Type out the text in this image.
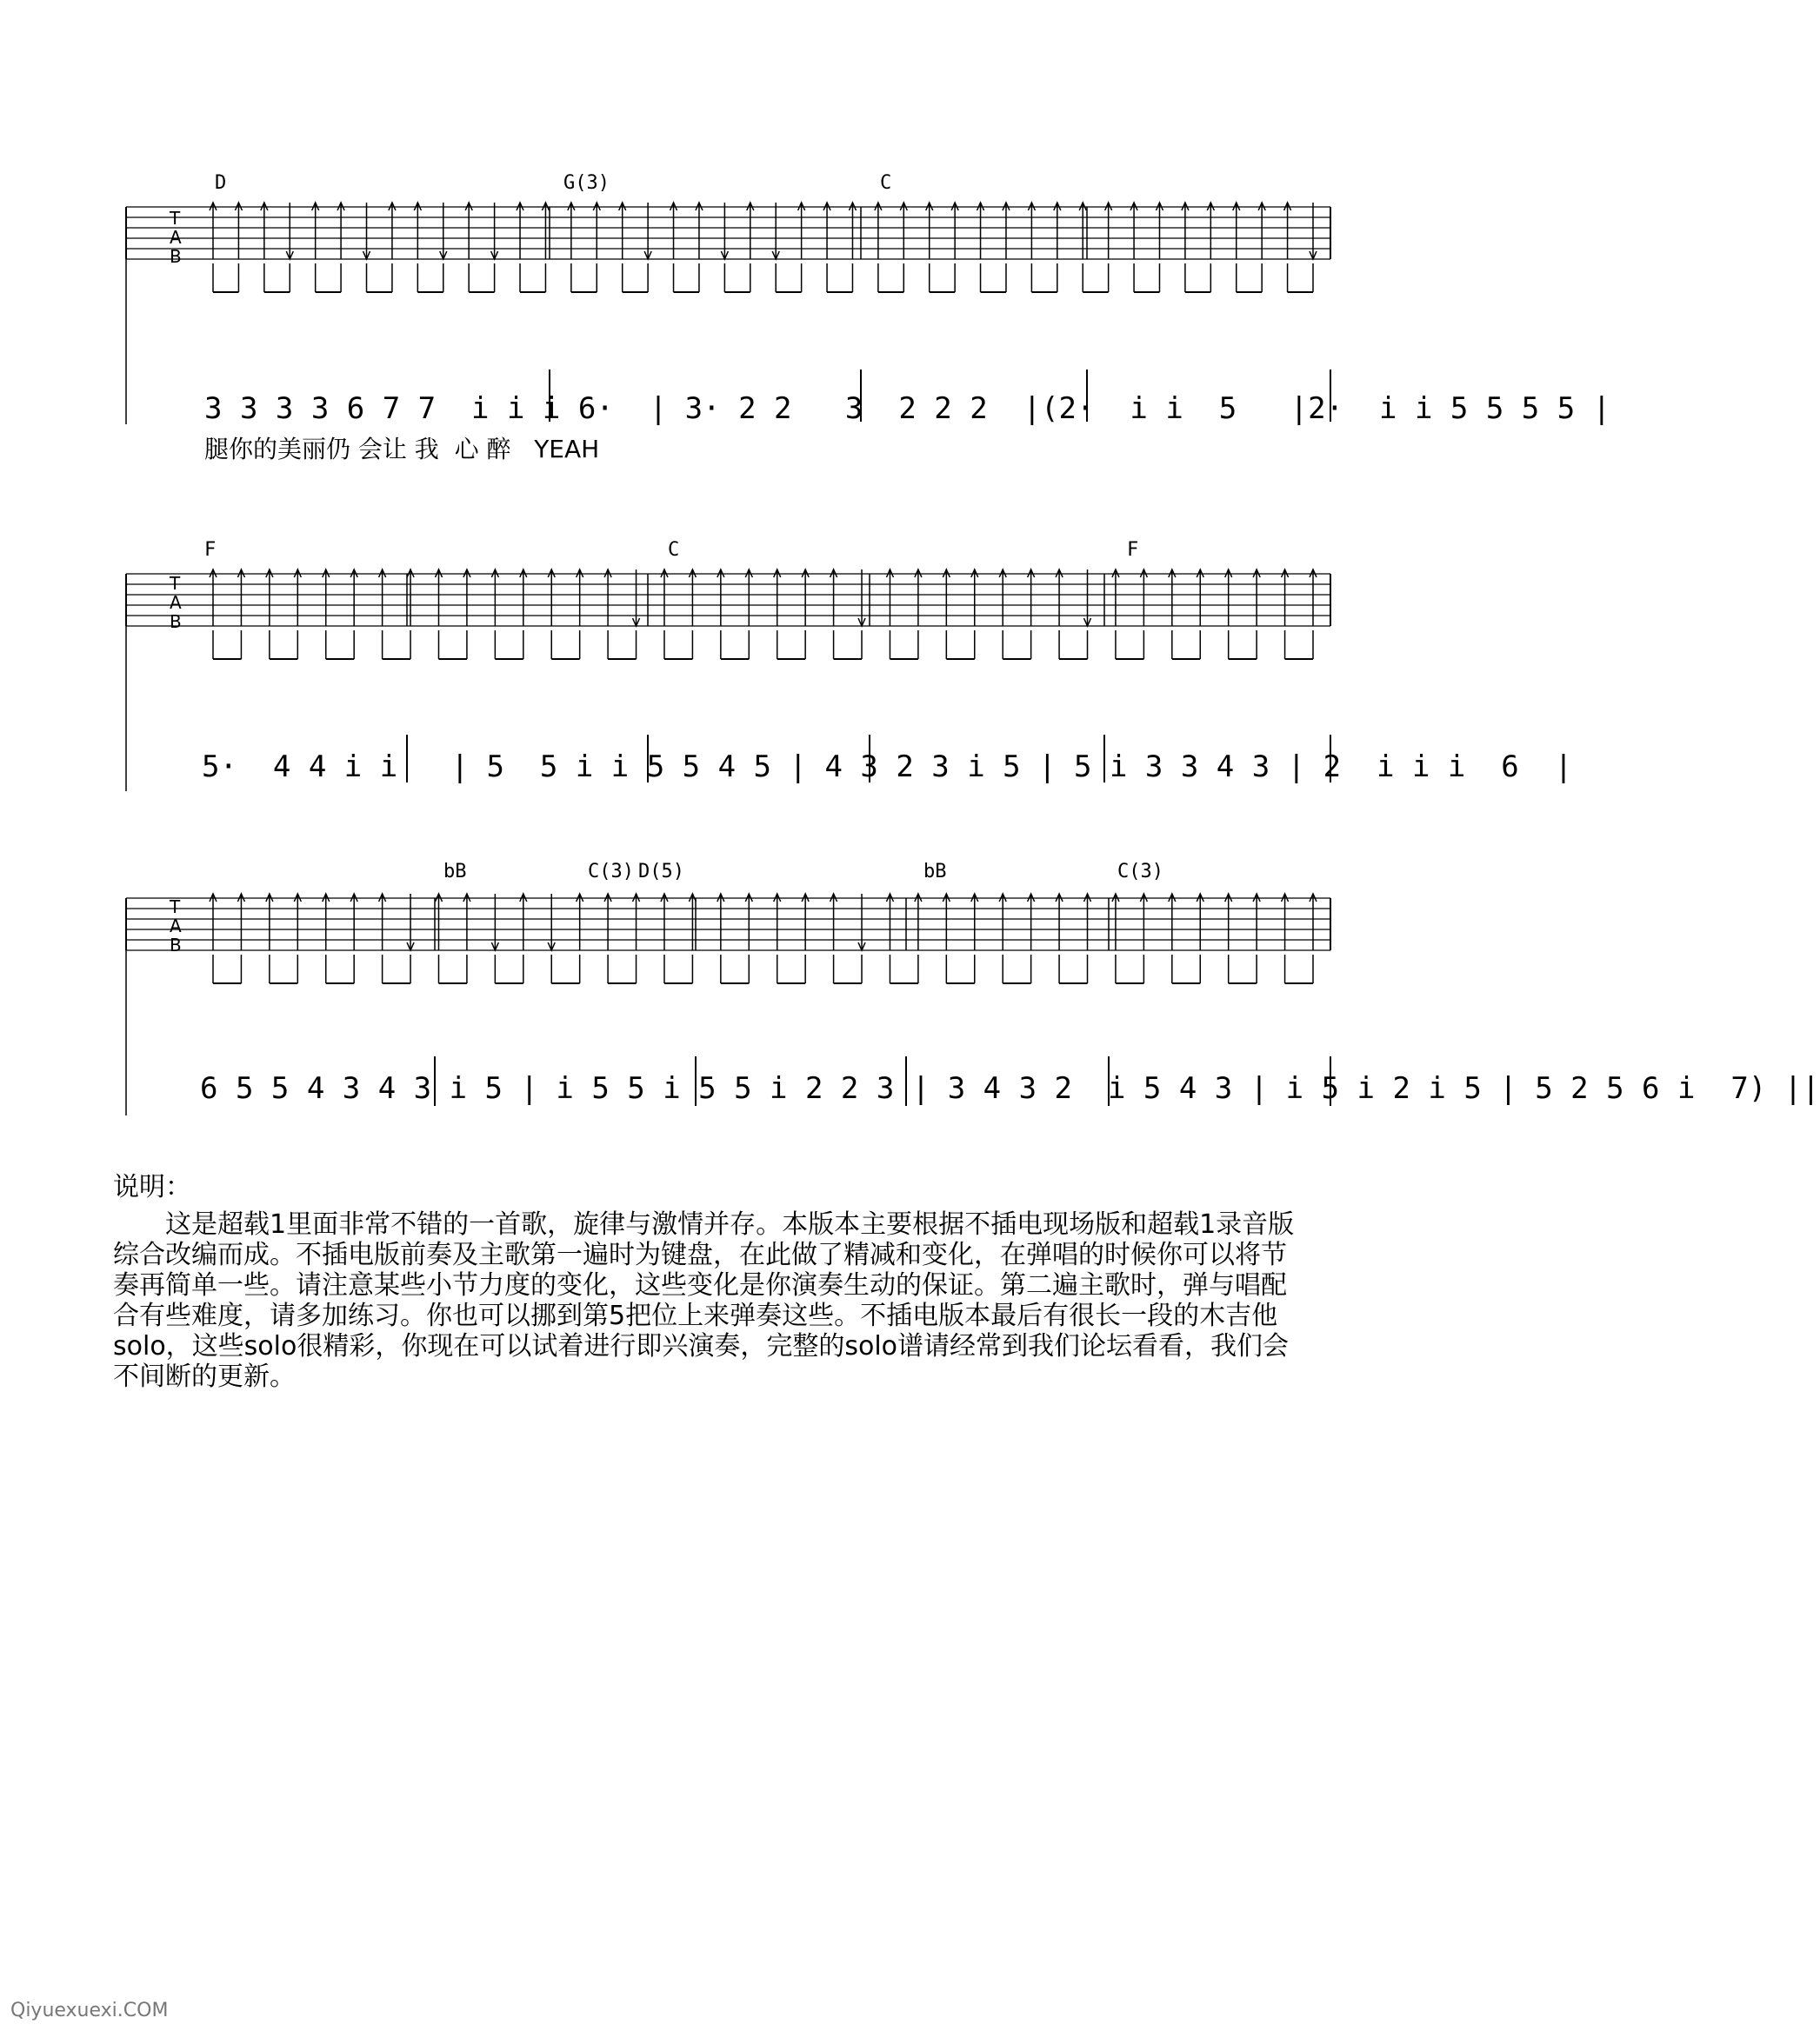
D	G(3)	C
T
A
B
3 3 3 3 6 7 7  i i i 6·  | 3· 2 2   3  2 2 2  |(2·  i i  5   |2·  i i 5 5 5 5 |
腿你的美丽仍 会让 我  心 醉   YEAH
F	C	F
T
A
B
5·  4 4 i i   | 5  5 i i 5 5 4 5 | 4 3 2 3 i 5 | 5 i 3 3 4 3 | 2  i i i  6  |
bB	C(3) D(5)	bB	C(3)
T
A
B
6 5 5 4 3 4 3 i 5 | i 5 5 i 5 5 i 2 2 3 | 3 4 3 2  i 5 4 3 | i 5 i 2 i 5 | 5 2 5 6 i  7) ||

说明：

这是超载1里面非常不错的一首歌，旋律与激情并存。本版本主要根据不插电现场版和超载1录音版综合改编而成。不插电版前奏及主歌第一遍时为键盘，在此做了精减和变化，在弹唱的时候你可以将节奏再简单一些。请注意某些小节力度的变化，这些变化是你演奏生动的保证。第二遍主歌时，弹与唱配合有些难度，请多加练习。你也可以挪到第5把位上来弹奏这些。不插电版本最后有很长一段的木吉他solo，这些solo很精彩，你现在可以试着进行即兴演奏，完整的solo谱请经常到我们论坛看看，我们会不间断的更新。

Qiyuexuexi.COM
